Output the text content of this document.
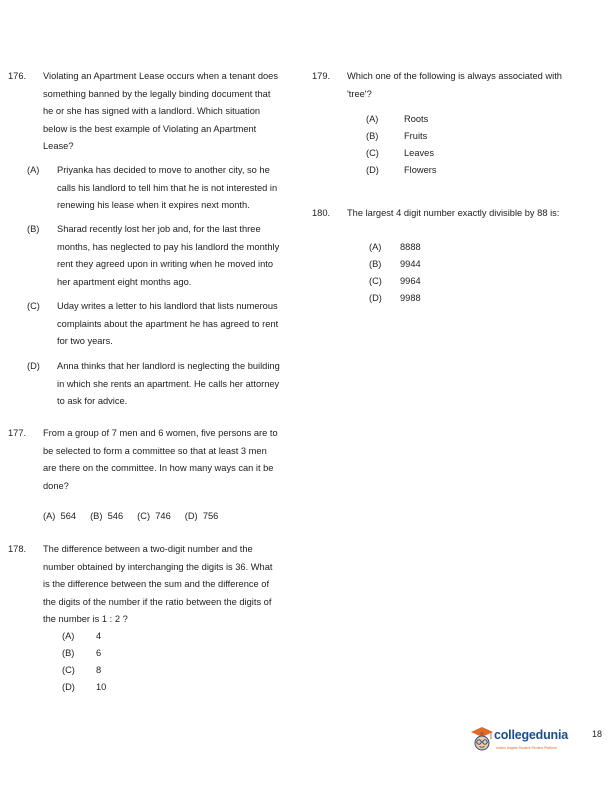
176. Violating an Apartment Lease occurs when a tenant does
something banned by the legally binding document that
he or she has signed with a landlord. Which situation
below is the best example of Violating an Apartment
Lease?
(A) Priyanka has decided to move to another city, so he
calls his landlord to tell him that he is not interested in
renewing his lease when it expires next month.
(B) Sharad recently lost her job and, for the last three
months, has neglected to pay his landlord the monthly
rent they agreed upon in writing when he moved into
her apartment eight months ago.
(C) Uday writes a letter to his landlord that lists numerous
complaints about the apartment he has agreed to rent
for two years.
(D) Anna thinks that her landlord is neglecting the building
in which she rents an apartment. He calls her attorney
to ask for advice.
177. From a group of 7 men and 6 women, five persons are to
be selected to form a committee so that at least 3 men
are there on the committee. In how many ways can it be
done?
(A)  564 (B)  546 (C)  746 (D)  756
178. The difference between a two-digit number and the
number obtained by interchanging the digits is 36. What
is the difference between the sum and the difference of
the digits of the number if the ratio between the digits of
the number is 1 : 2 ?
(A) 4
(B) 6
(C) 8
(D) 10
179. Which one of the following is always associated with
'tree'?
(A)	Roots
(B)	Fruits
(C)	Leaves
(D)	Flowers
180. The largest 4 digit number exactly divisible by 88 is:
(A) 8888
(B) 9944
(C) 9964
(D) 9988
collegedunia
India's largest Student Review Platform
18
